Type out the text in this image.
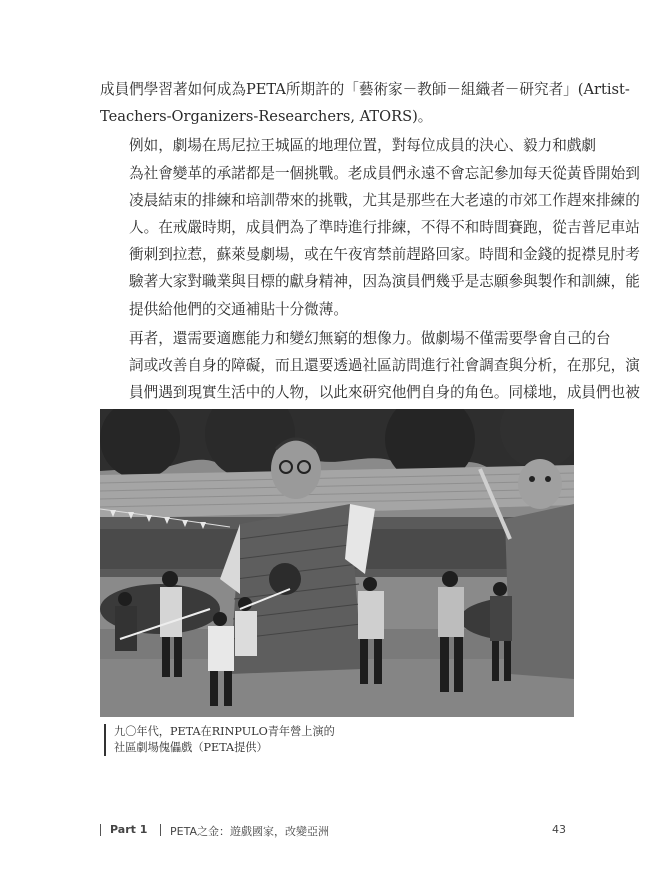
成員們學習著如何成為PETA所期許的「藝術家－教師－組織者－研究者」(Artist-
Teachers-Organizers-Researchers, ATORS)。

例如，劇場在馬尼拉王城區的地理位置，對每位成員的決心、毅力和戲劇
為社會變革的承諾都是一個挑戰。老成員們永遠不會忘記參加每天從黃昏開始到
凌晨結束的排練和培訓帶來的挑戰，尤其是那些在大老遠的市郊工作趕來排練的
人。在戒嚴時期，成員們為了準時進行排練，不得不和時間賽跑，從吉普尼車站
衝刺到拉惹，蘇萊曼劇場，或在午夜宵禁前趕路回家。時間和金錢的捉襟見肘考
驗著大家對職業與目標的獻身精神，因為演員們幾乎是志願參與製作和訓練，能
提供給他們的交通補貼十分微薄。

再者，還需要適應能力和變幻無窮的想像力。做劇場不僅需要學會自己的台
詞或改善自身的障礙，而且還要透過社區訪問進行社會調查與分析，在那兒，演
員們遇到現實生活中的人物，以此來研究他們自身的角色。同樣地，成員們也被

九〇年代，PETA在RINPULO青年營上演的
社區劇場傀儡戲（PETA提供）
Part 1 PETA之金：遊戲國家，改變亞洲	43
